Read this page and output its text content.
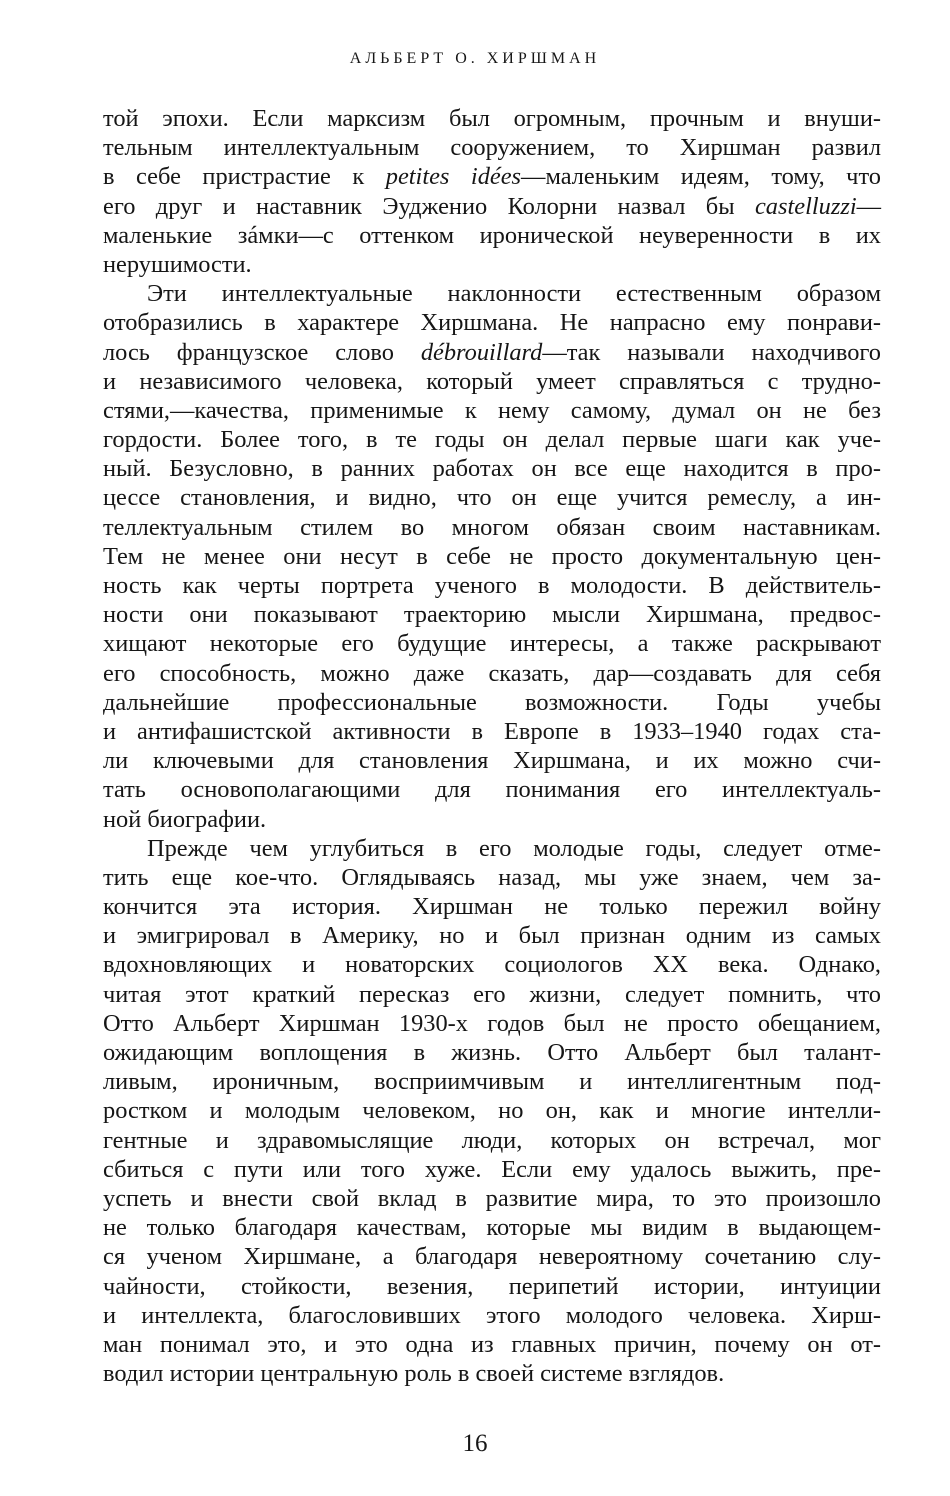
АЛЬБЕРТ О. ХИРШМАН
той эпохи. Если марксизм был огромным, прочным и внуши-
тельным интеллектуальным сооружением, то Хиршман развил
в себе пристрастие к petites idées—маленьким идеям, тому, что
его друг и наставник Эудженио Колорни назвал бы castelluzzi—
маленькие зáмки—с оттенком иронической неуверенности в их
нерушимости.
Эти интеллектуальные наклонности естественным образом
отобразились в характере Хиршмана. Не напрасно ему понрави-
лось французское слово débrouillard—так называли находчивого
и независимого человека, который умеет справляться с трудно-
стями,—качества, применимые к нему самому, думал он не без
гордости. Более того, в те годы он делал первые шаги как уче-
ный. Безусловно, в ранних работах он все еще находится в про-
цессе становления, и видно, что он еще учится ремеслу, а ин-
теллектуальным стилем во многом обязан своим наставникам.
Тем не менее они несут в себе не просто документальную цен-
ность как черты портрета ученого в молодости. В действитель-
ности они показывают траекторию мысли Хиршмана, предвос-
хищают некоторые его будущие интересы, а также раскрывают
его способность, можно даже сказать, дар—создавать для себя
дальнейшие профессиональные возможности. Годы учебы
и антифашистской активности в Европе в 1933–1940 годах ста-
ли ключевыми для становления Хиршмана, и их можно счи-
тать основополагающими для понимания его интеллектуаль-
ной биографии.
Прежде чем углубиться в его молодые годы, следует отме-
тить еще кое-что. Оглядываясь назад, мы уже знаем, чем за-
кончится эта история. Хиршман не только пережил войну
и эмигрировал в Америку, но и был признан одним из самых
вдохновляющих и новаторских социологов XX века. Однако,
читая этот краткий пересказ его жизни, следует помнить, что
Отто Альберт Хиршман 1930-х годов был не просто обещанием,
ожидающим воплощения в жизнь. Отто Альберт был талант-
ливым, ироничным, восприимчивым и интеллигентным под-
ростком и молодым человеком, но он, как и многие интелли-
гентные и здравомыслящие люди, которых он встречал, мог
сбиться с пути или того хуже. Если ему удалось выжить, пре-
успеть и внести свой вклад в развитие мира, то это произошло
не только благодаря качествам, которые мы видим в выдающем-
ся ученом Хиршмане, а благодаря невероятному сочетанию слу-
чайности, стойкости, везения, перипетий истории, интуиции
и интеллекта, благословивших этого молодого человека. Хирш-
ман понимал это, и это одна из главных причин, почему он от-
водил истории центральную роль в своей системе взглядов.
16
